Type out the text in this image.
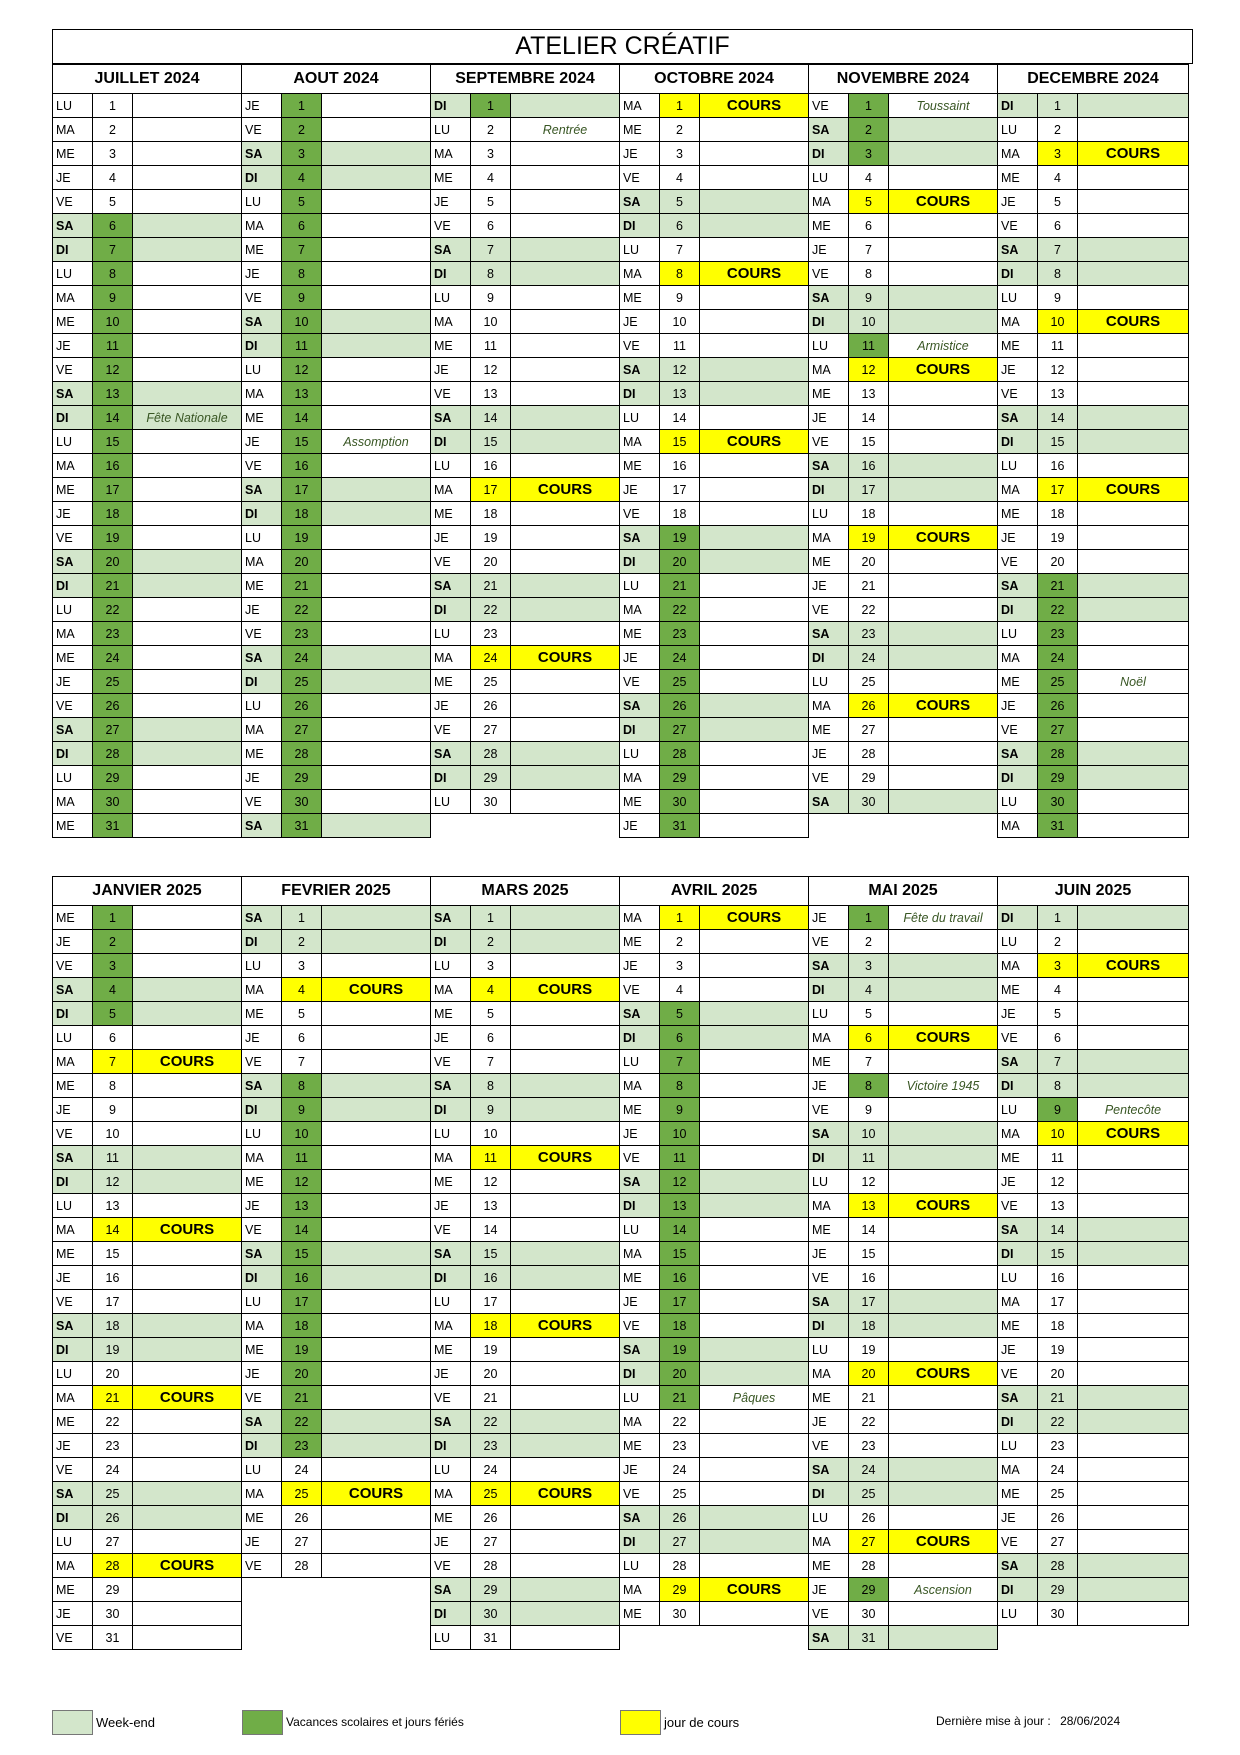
ATELIER CRÉATIF
JUILLET 2024			AOUT 2024			SEPTEMBRE 2024			OCTOBRE 2024			NOVEMBRE 2024			DECEMBRE 2024		
LU	1		JE	1		DI	1		MA	1	COURS	VE	1	Toussaint	DI	1	
MA	2		VE	2		LU	2	Rentrée	ME	2		SA	2		LU	2	
ME	3		SA	3		MA	3		JE	3		DI	3		MA	3	COURS
JE	4		DI	4		ME	4		VE	4		LU	4		ME	4	
VE	5		LU	5		JE	5		SA	5		MA	5	COURS	JE	5	
SA	6		MA	6		VE	6		DI	6		ME	6		VE	6	
DI	7		ME	7		SA	7		LU	7		JE	7		SA	7	
LU	8		JE	8		DI	8		MA	8	COURS	VE	8		DI	8	
MA	9		VE	9		LU	9		ME	9		SA	9		LU	9	
ME	10		SA	10		MA	10		JE	10		DI	10		MA	10	COURS
JE	11		DI	11		ME	11		VE	11		LU	11	Armistice	ME	11	
VE	12		LU	12		JE	12		SA	12		MA	12	COURS	JE	12	
SA	13		MA	13		VE	13		DI	13		ME	13		VE	13	
DI	14	Fête Nationale	ME	14		SA	14		LU	14		JE	14		SA	14	
LU	15		JE	15	Assomption	DI	15		MA	15	COURS	VE	15		DI	15	
MA	16		VE	16		LU	16		ME	16		SA	16		LU	16	
ME	17		SA	17		MA	17	COURS	JE	17		DI	17		MA	17	COURS
JE	18		DI	18		ME	18		VE	18		LU	18		ME	18	
VE	19		LU	19		JE	19		SA	19		MA	19	COURS	JE	19	
SA	20		MA	20		VE	20		DI	20		ME	20		VE	20	
DI	21		ME	21		SA	21		LU	21		JE	21		SA	21	
LU	22		JE	22		DI	22		MA	22		VE	22		DI	22	
MA	23		VE	23		LU	23		ME	23		SA	23		LU	23	
ME	24		SA	24		MA	24	COURS	JE	24		DI	24		MA	24	
JE	25		DI	25		ME	25		VE	25		LU	25		ME	25	Noël
VE	26		LU	26		JE	26		SA	26		MA	26	COURS	JE	26	
SA	27		MA	27		VE	27		DI	27		ME	27		VE	27	
DI	28		ME	28		SA	28		LU	28		JE	28		SA	28	
LU	29		JE	29		DI	29		MA	29		VE	29		DI	29	
MA	30		VE	30		LU	30		ME	30		SA	30		LU	30	
ME	31		SA	31					JE	31					MA	31	
JANVIER 2025			FEVRIER 2025			MARS 2025			AVRIL 2025			MAI 2025			JUIN 2025		
ME	1		SA	1		SA	1		MA	1	COURS	JE	1	Fête du travail	DI	1	
JE	2		DI	2		DI	2		ME	2		VE	2		LU	2	
VE	3		LU	3		LU	3		JE	3		SA	3		MA	3	COURS
SA	4		MA	4	COURS	MA	4	COURS	VE	4		DI	4		ME	4	
DI	5		ME	5		ME	5		SA	5		LU	5		JE	5	
LU	6		JE	6		JE	6		DI	6		MA	6	COURS	VE	6	
MA	7	COURS	VE	7		VE	7		LU	7		ME	7		SA	7	
ME	8		SA	8		SA	8		MA	8		JE	8	Victoire 1945	DI	8	
JE	9		DI	9		DI	9		ME	9		VE	9		LU	9	Pentecôte
VE	10		LU	10		LU	10		JE	10		SA	10		MA	10	COURS
SA	11		MA	11		MA	11	COURS	VE	11		DI	11		ME	11	
DI	12		ME	12		ME	12		SA	12		LU	12		JE	12	
LU	13		JE	13		JE	13		DI	13		MA	13	COURS	VE	13	
MA	14	COURS	VE	14		VE	14		LU	14		ME	14		SA	14	
ME	15		SA	15		SA	15		MA	15		JE	15		DI	15	
JE	16		DI	16		DI	16		ME	16		VE	16		LU	16	
VE	17		LU	17		LU	17		JE	17		SA	17		MA	17	
SA	18		MA	18		MA	18	COURS	VE	18		DI	18		ME	18	
DI	19		ME	19		ME	19		SA	19		LU	19		JE	19	
LU	20		JE	20		JE	20		DI	20		MA	20	COURS	VE	20	
MA	21	COURS	VE	21		VE	21		LU	21	Pâques	ME	21		SA	21	
ME	22		SA	22		SA	22		MA	22		JE	22		DI	22	
JE	23		DI	23		DI	23		ME	23		VE	23		LU	23	
VE	24		LU	24		LU	24		JE	24		SA	24		MA	24	
SA	25		MA	25	COURS	MA	25	COURS	VE	25		DI	25		ME	25	
DI	26		ME	26		ME	26		SA	26		LU	26		JE	26	
LU	27		JE	27		JE	27		DI	27		MA	27	COURS	VE	27	
MA	28	COURS	VE	28		VE	28		LU	28		ME	28		SA	28	
ME	29					SA	29		MA	29	COURS	JE	29	Ascension	DI	29	
JE	30					DI	30		ME	30		VE	30		LU	30	
VE	31					LU	31					SA	31				
Week-end	Vacances scolaires et jours fériés	jour de cours	Dernière mise à jour : 28/06/2024
